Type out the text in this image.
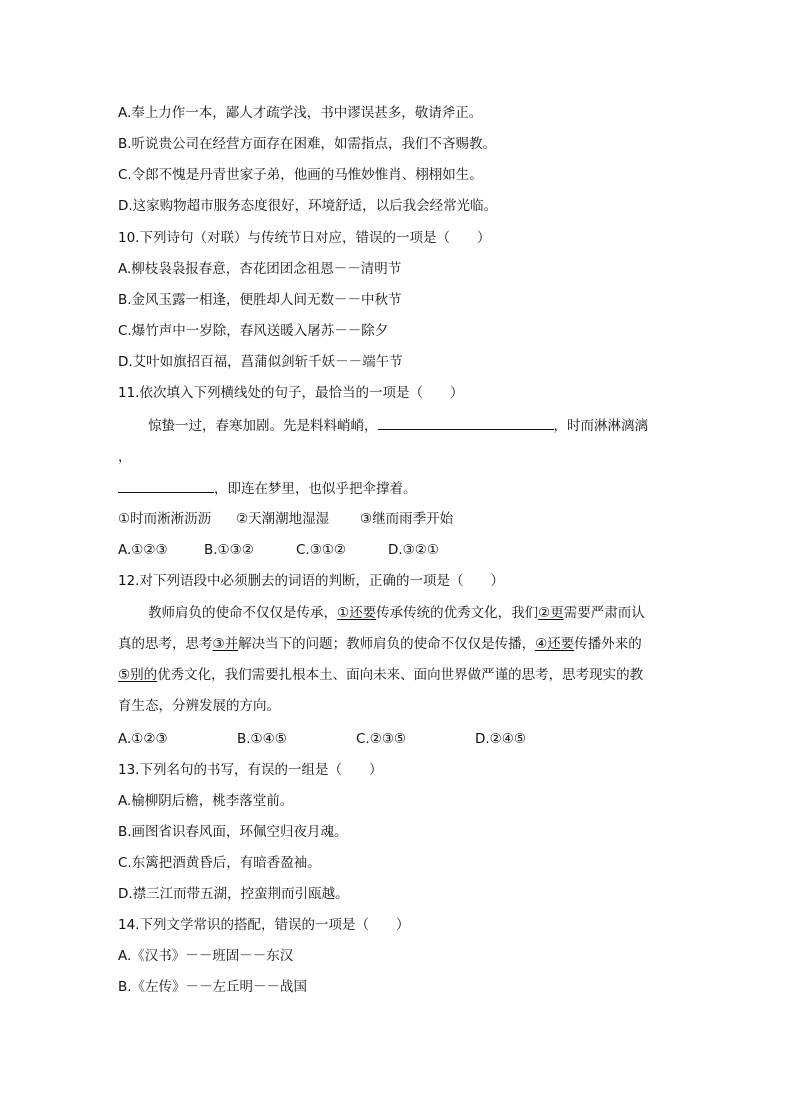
A.奉上力作一本，鄙人才疏学浅，书中谬误甚多，敬请斧正。
B.听说贵公司在经营方面存在困难，如需指点，我们不吝赐教。
C.令郎不愧是丹青世家子弟，他画的马惟妙惟肖、栩栩如生。
D.这家购物超市服务态度很好，环境舒适，以后我会经常光临。
10.下列诗句（对联）与传统节日对应，错误的一项是（　　）
A.柳枝袅袅报春意，杏花团团念祖恩－－清明节
B.金风玉露一相逢，便胜却人间无数－－中秋节
C.爆竹声中一岁除，春风送暖入屠苏－－除夕
D.艾叶如旗招百福，菖蒲似剑斩千妖－－端午节
11.依次填入下列横线处的句子，最恰当的一项是（　　）
惊蛰一过，春寒加剧。先是料料峭峭，	，时而淋淋漓漓
，
，即连在梦里，也似乎把伞撑着。
①时而淅淅沥沥 ②天潮潮地湿湿 ③继而雨季开始
A.①②③	B.①③②	C.③①②	D.③②①
12.对下列语段中必须删去的词语的判断，正确的一项是（　　）
教师肩负的使命不仅仅是传承，①还要传承传统的优秀文化，我们②更需要严肃而认
真的思考，思考③并解决当下的问题；教师肩负的使命不仅仅是传播，④还要传播外来的
⑤别的优秀文化，我们需要扎根本土、面向未来、面向世界做严谨的思考，思考现实的教
育生态，分辨发展的方向。
A.①②③	B.①④⑤	C.②③⑤	D.②④⑤
13.下列名句的书写，有误的一组是（　　）
A.榆柳阴后檐，桃李落堂前。
B.画图省识春风面，环佩空归夜月魂。
C.东篱把酒黄昏后，有暗香盈袖。
D.襟三江而带五湖，控蛮荆而引瓯越。
14.下列文学常识的搭配，错误的一项是（　　）
A.《汉书》－－班固－－东汉
B.《左传》－－左丘明－－战国
